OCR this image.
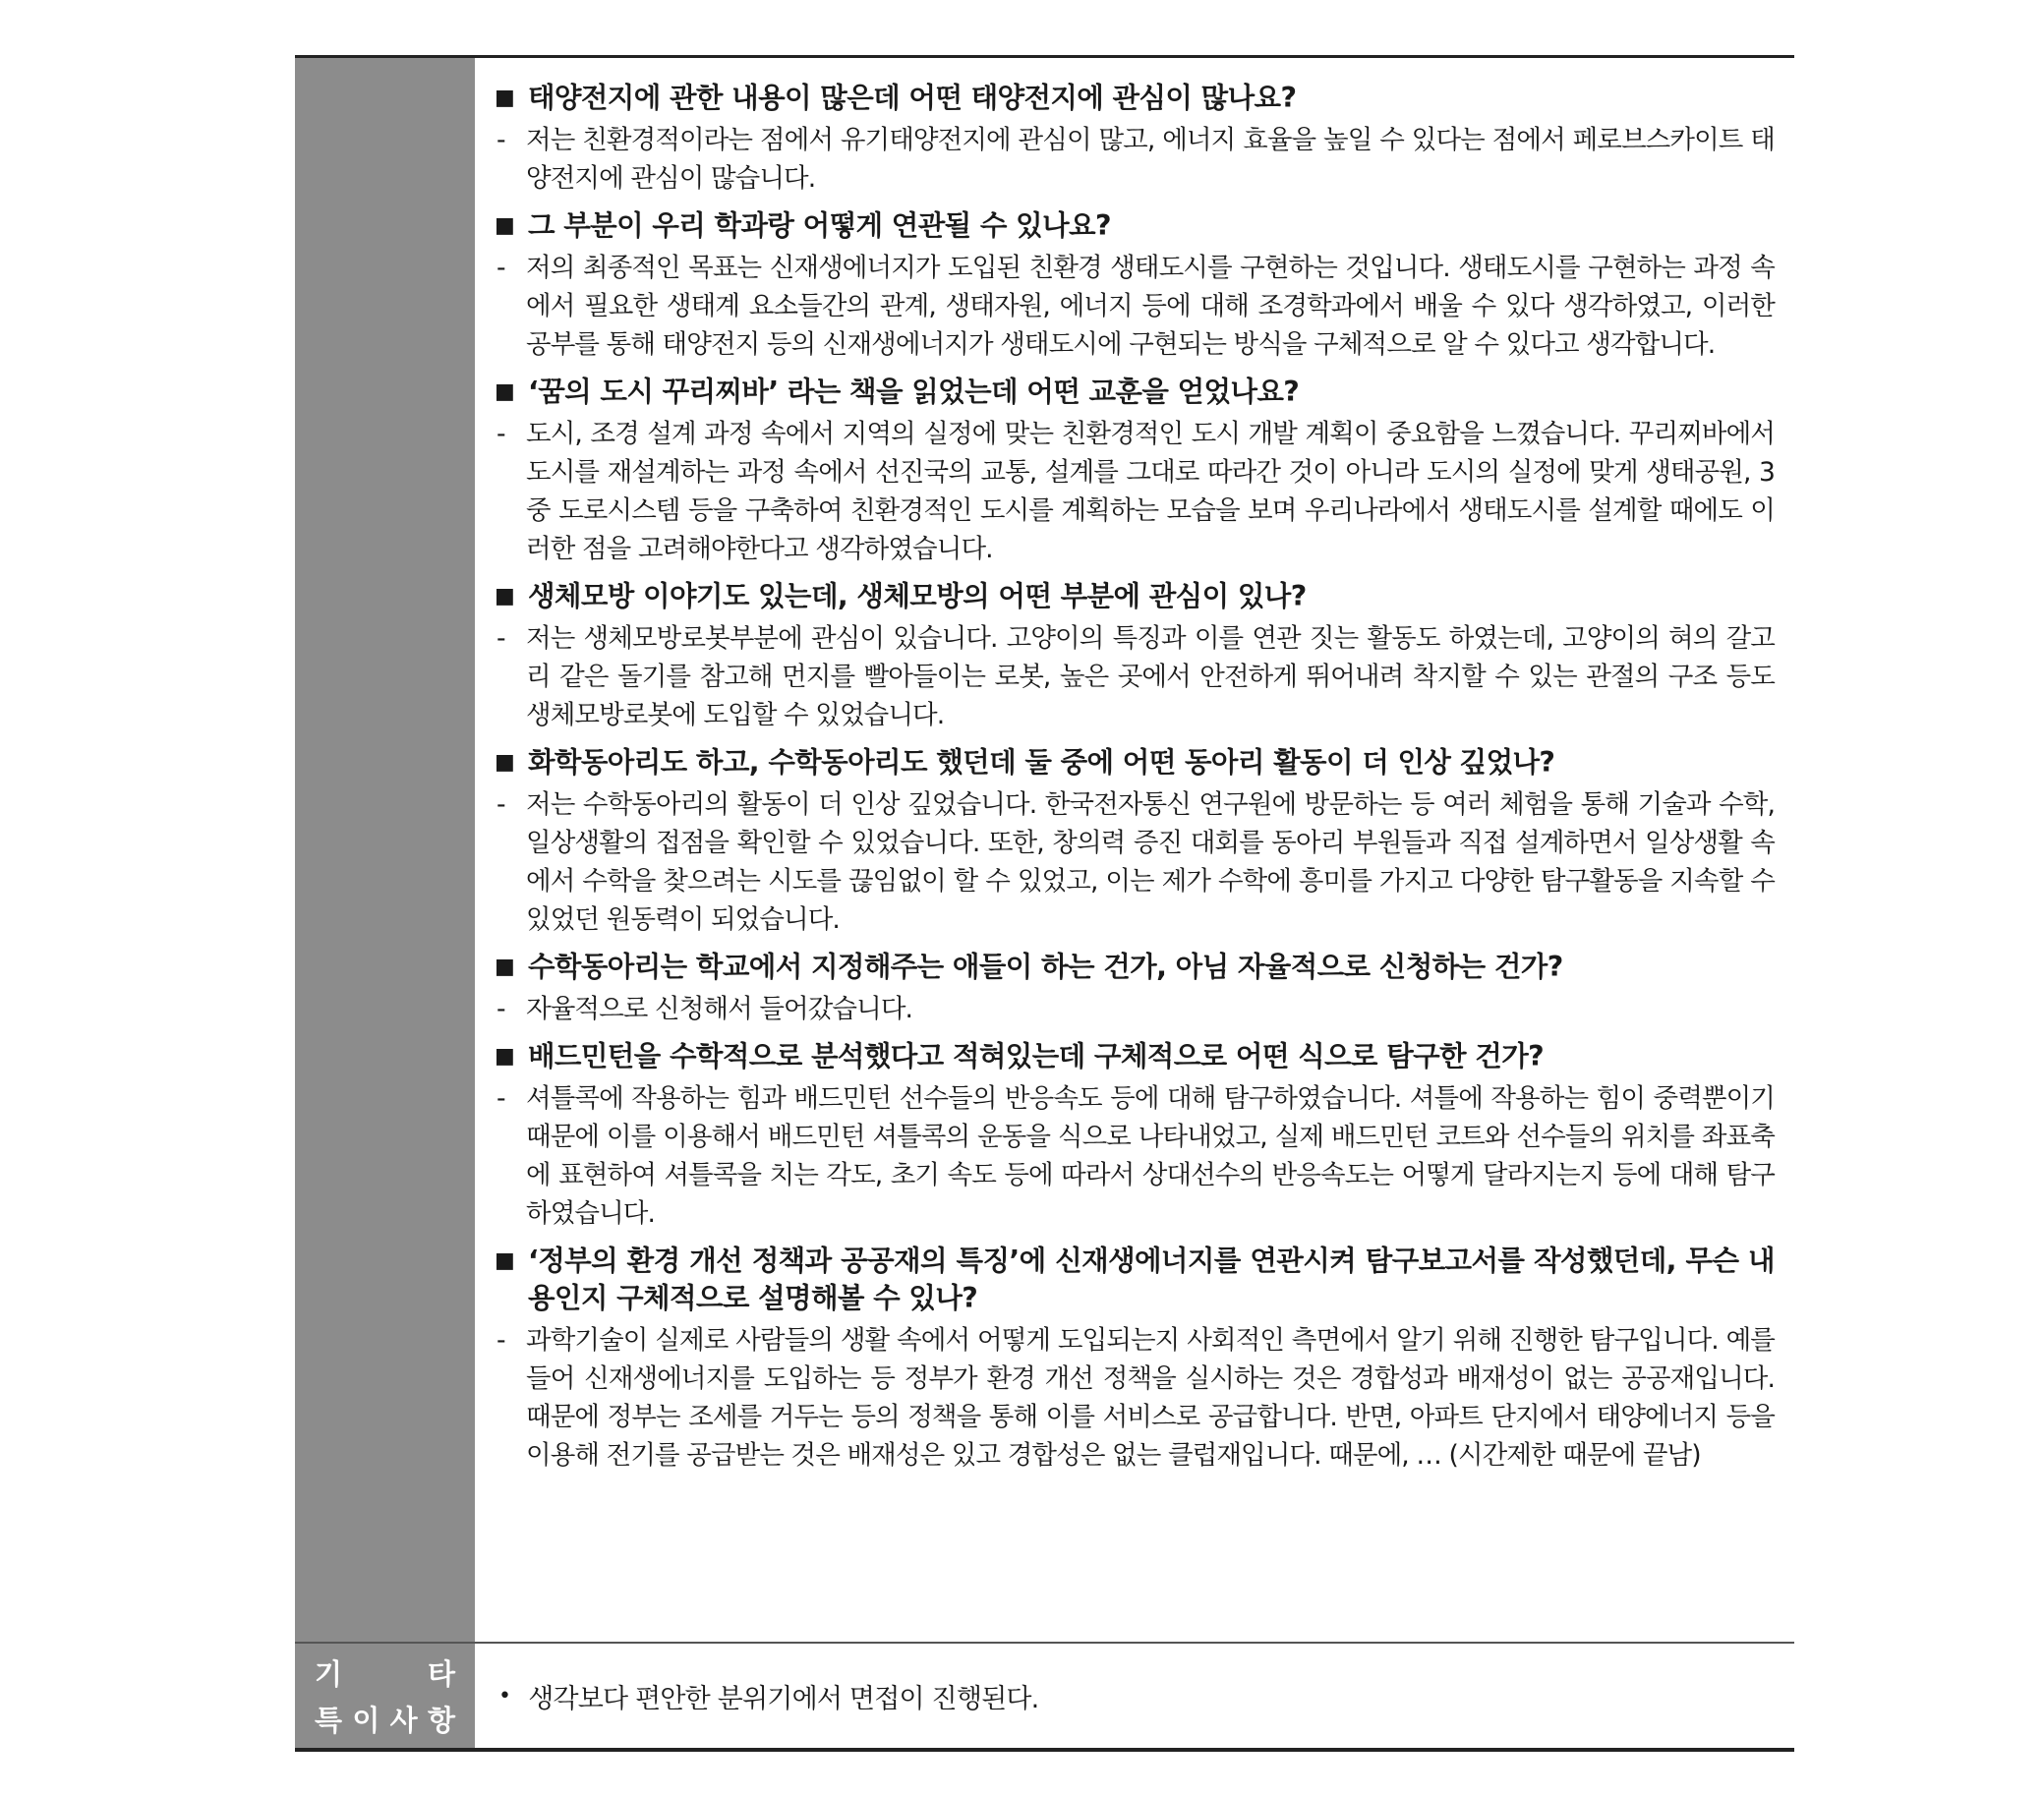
■ 태양전지에 관한 내용이 많은데 어떤 태양전지에 관심이 많나요?
- 저는 친환경적이라는 점에서 유기태양전지에 관심이 많고, 에너지 효율을 높일 수 있다는 점에서 페로브스카이트 태양전지에 관심이 많습니다.
■ 그 부분이 우리 학과랑 어떻게 연관될 수 있나요?
- 저의 최종적인 목표는 신재생에너지가 도입된 친환경 생태도시를 구현하는 것입니다. 생태도시를 구현하는 과정 속에서 필요한 생태계 요소들간의 관계, 생태자원, 에너지 등에 대해 조경학과에서 배울 수 있다 생각하였고, 이러한 공부를 통해 태양전지 등의 신재생에너지가 생태도시에 구현되는 방식을 구체적으로 알 수 있다고 생각합니다.
■ ‘꿈의 도시 꾸리찌바’ 라는 책을 읽었는데 어떤 교훈을 얻었나요?
- 도시, 조경 설계 과정 속에서 지역의 실정에 맞는 친환경적인 도시 개발 계획이 중요함을 느꼈습니다. 꾸리찌바에서 도시를 재설계하는 과정 속에서 선진국의 교통, 설계를 그대로 따라간 것이 아니라 도시의 실정에 맞게 생태공원, 3중 도로시스템 등을 구축하여 친환경적인 도시를 계획하는 모습을 보며 우리나라에서 생태도시를 설계할 때에도 이러한 점을 고려해야한다고 생각하였습니다.
■ 생체모방 이야기도 있는데, 생체모방의 어떤 부분에 관심이 있나?
- 저는 생체모방로봇부분에 관심이 있습니다. 고양이의 특징과 이를 연관 짓는 활동도 하였는데, 고양이의 혀의 갈고리 같은 돌기를 참고해 먼지를 빨아들이는 로봇, 높은 곳에서 안전하게 뛰어내려 착지할 수 있는 관절의 구조 등도 생체모방로봇에 도입할 수 있었습니다.
■ 화학동아리도 하고, 수학동아리도 했던데 둘 중에 어떤 동아리 활동이 더 인상 깊었나?
- 저는 수학동아리의 활동이 더 인상 깊었습니다. 한국전자통신 연구원에 방문하는 등 여러 체험을 통해 기술과 수학, 일상생활의 접점을 확인할 수 있었습니다. 또한, 창의력 증진 대회를 동아리 부원들과 직접 설계하면서 일상생활 속에서 수학을 찾으려는 시도를 끊임없이 할 수 있었고, 이는 제가 수학에 흥미를 가지고 다양한 탐구활동을 지속할 수 있었던 원동력이 되었습니다.
■ 수학동아리는 학교에서 지정해주는 애들이 하는 건가, 아님 자율적으로 신청하는 건가?
- 자율적으로 신청해서 들어갔습니다.
■ 배드민턴을 수학적으로 분석했다고 적혀있는데 구체적으로 어떤 식으로 탐구한 건가?
- 셔틀콕에 작용하는 힘과 배드민턴 선수들의 반응속도 등에 대해 탐구하였습니다. 셔틀에 작용하는 힘이 중력뿐이기 때문에 이를 이용해서 배드민턴 셔틀콕의 운동을 식으로 나타내었고, 실제 배드민턴 코트와 선수들의 위치를 좌표축에 표현하여 셔틀콕을 치는 각도, 초기 속도 등에 따라서 상대선수의 반응속도는 어떻게 달라지는지 등에 대해 탐구하였습니다.
■ ‘정부의 환경 개선 정책과 공공재의 특징’에 신재생에너지를 연관시켜 탐구보고서를 작성했던데, 무슨 내용인지 구체적으로 설명해볼 수 있나?
- 과학기술이 실제로 사람들의 생활 속에서 어떻게 도입되는지 사회적인 측면에서 알기 위해 진행한 탐구입니다. 예를 들어 신재생에너지를 도입하는 등 정부가 환경 개선 정책을 실시하는 것은 경합성과 배재성이 없는 공공재입니다. 때문에 정부는 조세를 거두는 등의 정책을 통해 이를 서비스로 공급합니다. 반면, 아파트 단지에서 태양에너지 등을 이용해 전기를 공급받는 것은 배재성은 있고 경합성은 없는 클럽재입니다. 때문에, … (시간제한 때문에 끝남)
기	타
특 이 사 항
• 생각보다 편안한 분위기에서 면접이 진행된다.
